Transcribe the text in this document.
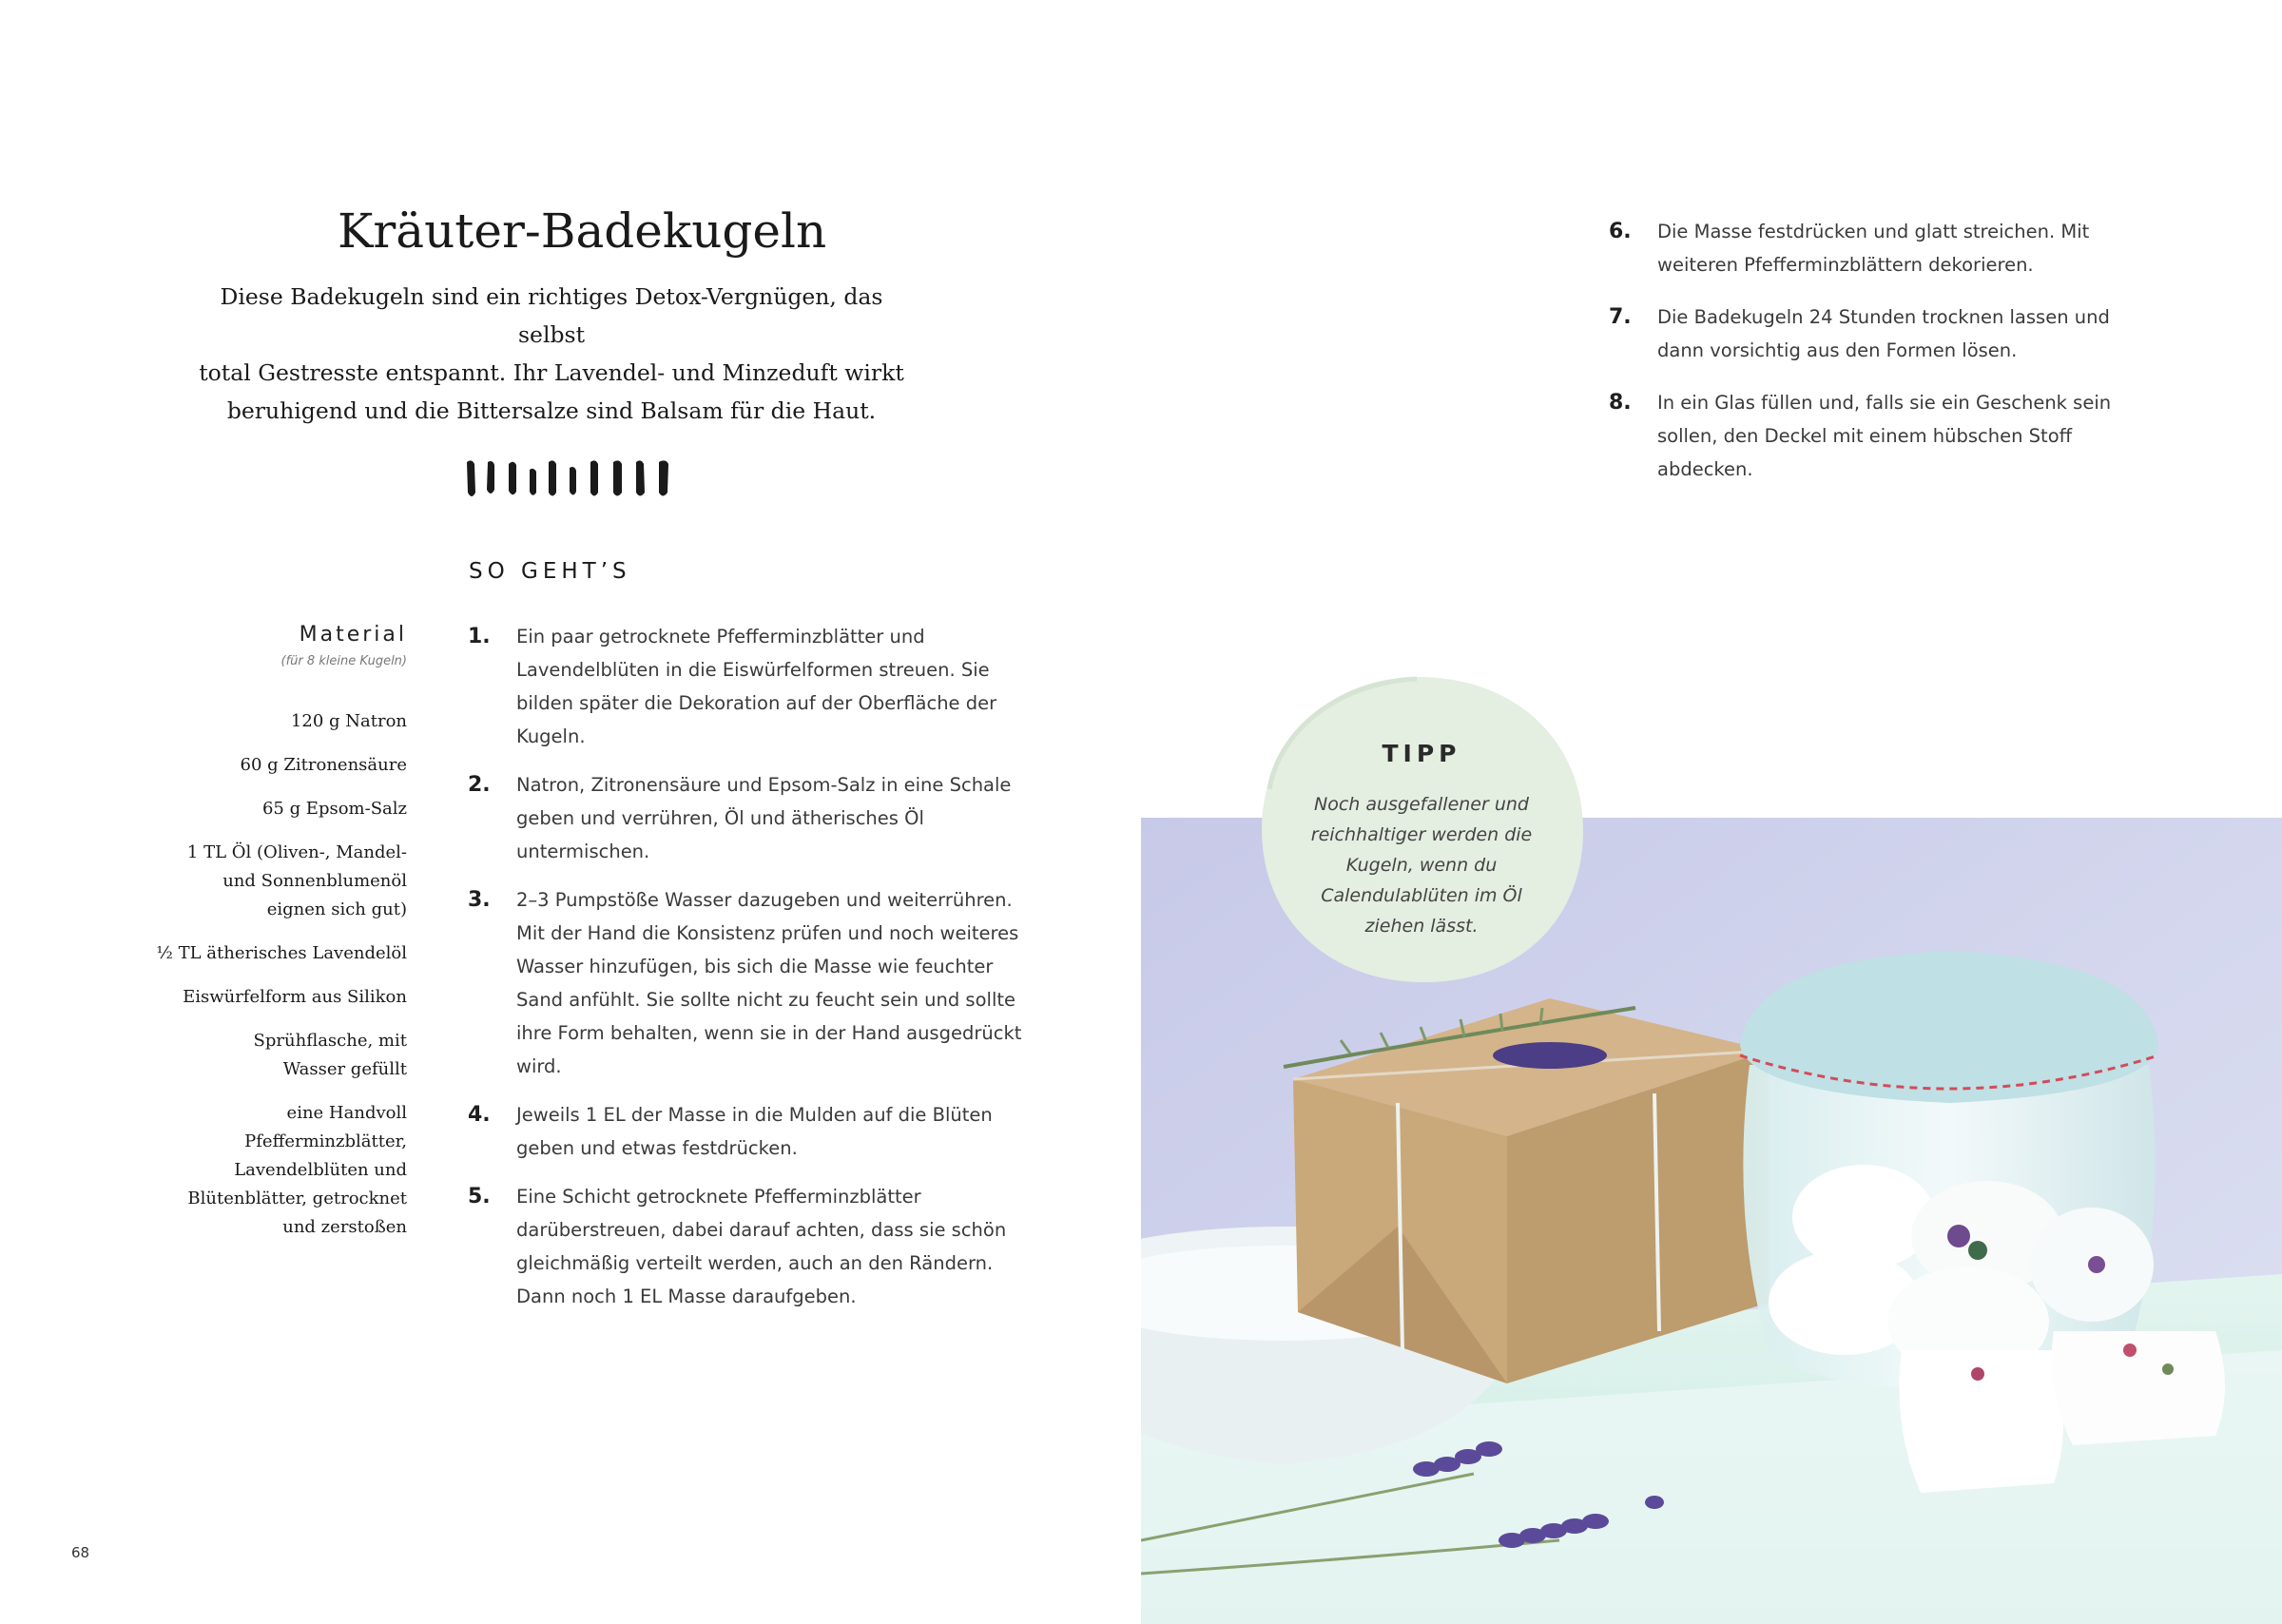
Kräuter-Badekugeln
Diese Badekugeln sind ein richtiges Detox-Vergnügen, das selbst
total Gestresste entspannt. Ihr Lavendel- und Minzeduft wirkt
beruhigend und die Bittersalze sind Balsam für die Haut.
SO GEHT’S
Material
(für 8 kleine Kugeln)
120 g Natron
60 g Zitronensäure
65 g Epsom-Salz
1 TL Öl (Oliven-, Mandel-
und Sonnenblumenöl
eignen sich gut)
½ TL ätherisches Lavendelöl
Eiswürfelform aus Silikon
Sprühflasche, mit
Wasser gefüllt
eine Handvoll
Pfefferminzblätter,
Lavendelblüten und
Blütenblätter, getrocknet
und zerstoßen
1. Ein paar getrocknete Pfefferminzblätter und Lavendelblüten in die Eiswürfelformen streuen. Sie bilden später die Dekoration auf der Oberfläche der Kugeln.
2. Natron, Zitronensäure und Epsom-Salz in eine Schale geben und verrühren, Öl und ätherisches Öl untermischen.
3. 2–3 Pumpstöße Wasser dazugeben und weiterrühren. Mit der Hand die Konsistenz prüfen und noch weiteres Wasser hinzufügen, bis sich die Masse wie feuchter Sand anfühlt. Sie sollte nicht zu feucht sein und sollte ihre Form behalten, wenn sie in der Hand ausgedrückt wird.
4. Jeweils 1 EL der Masse in die Mulden auf die Blüten geben und etwas festdrücken.
5. Eine Schicht getrocknete Pfefferminzblätter darüberstreuen, dabei darauf achten, dass sie schön gleichmäßig verteilt werden, auch an den Rändern. Dann noch 1 EL Masse daraufgeben.
6. Die Masse festdrücken und glatt streichen. Mit weiteren Pfefferminzblättern dekorieren.
7. Die Badekugeln 24 Stunden trocknen lassen und dann vorsichtig aus den Formen lösen.
8. In ein Glas füllen und, falls sie ein Geschenk sein sollen, den Deckel mit einem hübschen Stoff abdecken.
TIPP
Noch ausgefallener und reichhaltiger werden die Kugeln, wenn du Calendulablüten im Öl ziehen lässt.
68
